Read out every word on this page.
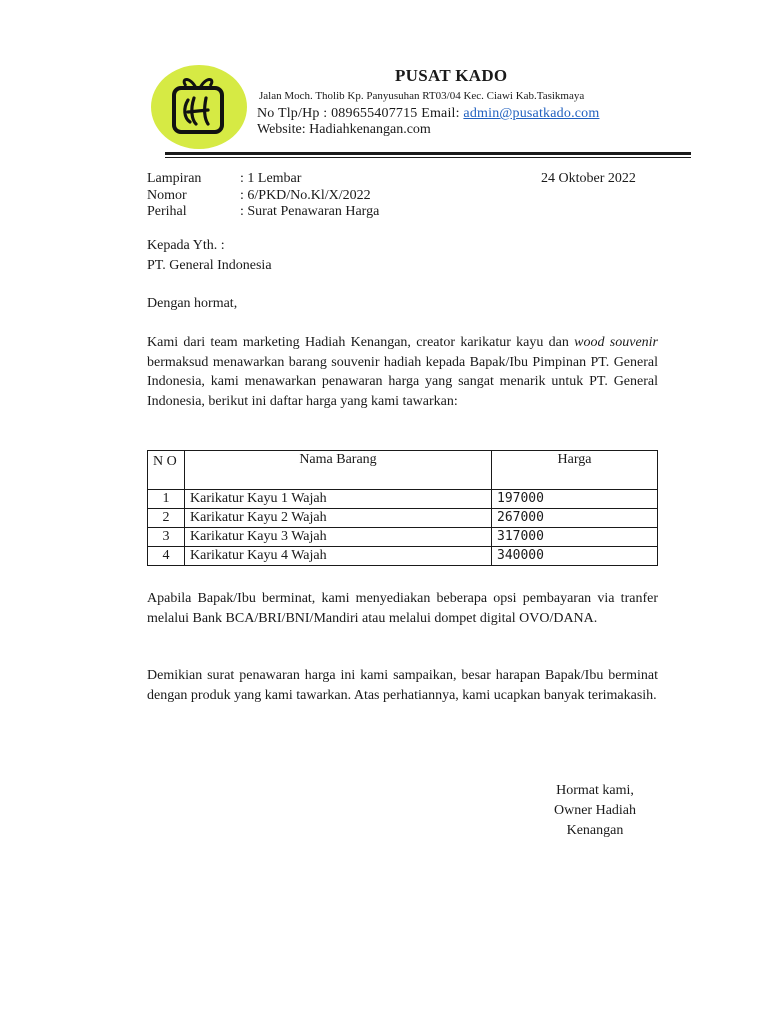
PUSAT KADO
Jalan Moch. Tholib Kp. Panyusuhan RT03/04 Kec. Ciawi Kab.Tasikmaya
No Tlp/Hp : 089655407715 Email: admin@pusatkado.com
Website: Hadiahkenangan.com
Lampiran	: 1 Lembar
Nomor	: 6/PKD/No.Kl/X/2022
Perihal	: Surat Penawaran Harga
24 Oktober 2022
Kepada Yth. :
PT. General Indonesia
Dengan hormat,
Kami dari team marketing Hadiah Kenangan, creator karikatur kayu dan wood souvenir bermaksud menawarkan barang souvenir hadiah kepada Bapak/Ibu Pimpinan PT. General Indonesia, kami menawarkan penawaran harga yang sangat menarik untuk PT. General Indonesia, berikut ini daftar harga yang kami tawarkan:
N O	Nama Barang	Harga
1	Karikatur Kayu 1 Wajah	197000
2	Karikatur Kayu 2 Wajah	267000
3	Karikatur Kayu 3 Wajah	317000
4	Karikatur Kayu 4 Wajah	340000
Apabila Bapak/Ibu berminat, kami menyediakan beberapa opsi pembayaran via tranfer melalui Bank BCA/BRI/BNI/Mandiri atau melalui dompet digital OVO/DANA.
Demikian surat penawaran harga ini kami sampaikan, besar harapan Bapak/Ibu berminat dengan produk yang kami tawarkan. Atas perhatiannya, kami ucapkan banyak terimakasih.
Hormat kami,
Owner Hadiah
Kenangan
